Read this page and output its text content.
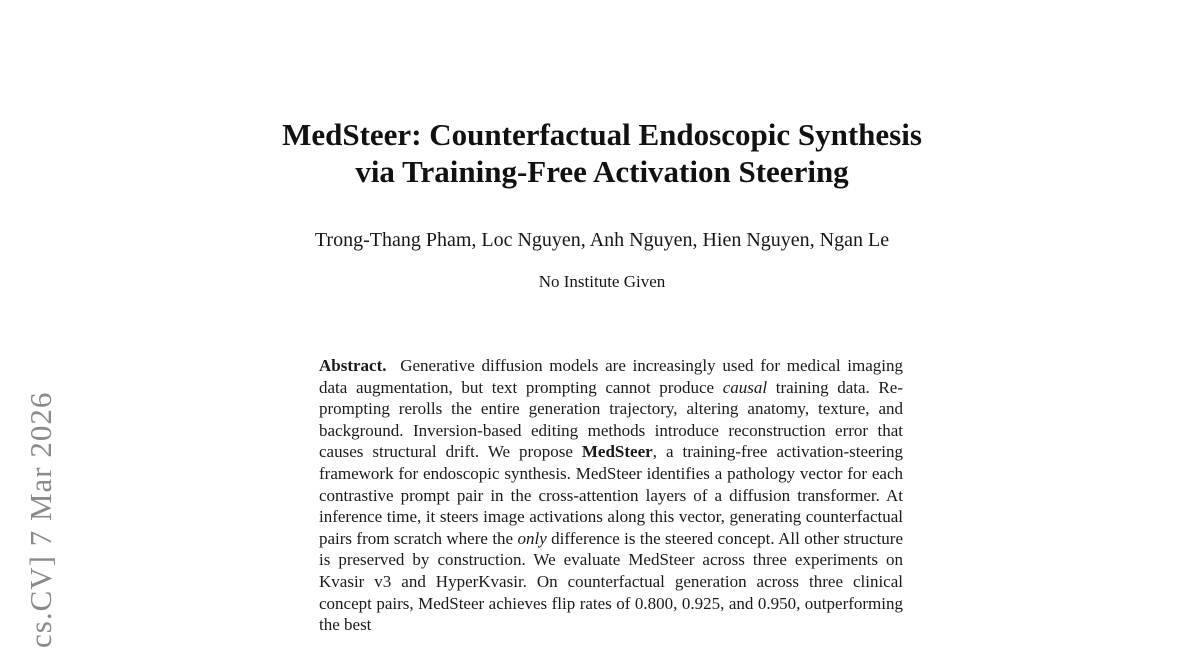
cs.CV] 7 Mar 2026
MedSteer: Counterfactual Endoscopic Synthesis
via Training-Free Activation Steering
Trong-Thang Pham, Loc Nguyen, Anh Nguyen, Hien Nguyen, Ngan Le
No Institute Given

Abstract. Generative diffusion models are increasingly used for medical imaging data augmentation, but text prompting cannot produce causal training data. Re-prompting rerolls the entire generation trajectory, altering anatomy, texture, and background. Inversion-based editing methods introduce reconstruction error that causes structural drift. We propose MedSteer, a training-free activation-steering framework for endoscopic synthesis. MedSteer identifies a pathology vector for each contrastive prompt pair in the cross-attention layers of a diffusion transformer. At inference time, it steers image activations along this vector, generating counterfactual pairs from scratch where the only difference is the steered concept. All other structure is preserved by construction. We evaluate MedSteer across three experiments on Kvasir v3 and HyperKvasir. On counterfactual generation across three clinical concept pairs, MedSteer achieves flip rates of 0.800, 0.925, and 0.950, outperforming the best
